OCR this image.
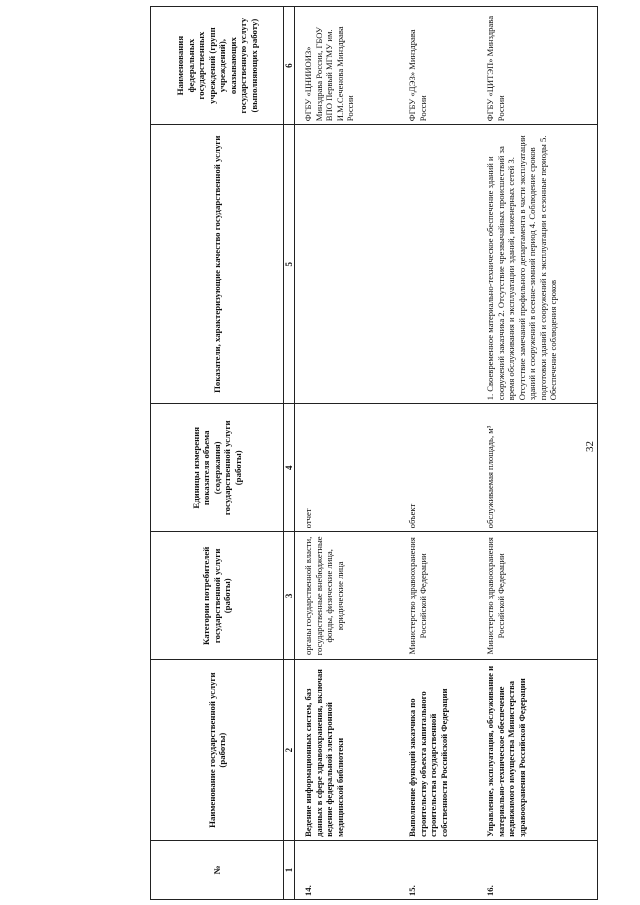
№	Наименование государственной услуги (работы)	Категории потребителей государственной услуги (работы)	Единицы измерения показателя объема (содержания) государственной услуги (работы)	Показатели, характеризующие качество государственной услуги	Наименования федеральных государственных учреждений (групп учреждений), оказывающих государственную услугу (выполняющих работу)
1	2	3	4	5	6
14.	Ведение информационных систем, баз данных в сфере здравоохранения, включая ведение федеральной электронной медицинской библиотеки	органы государственной власти, государственные внебюджетные фонды, физические лица, юридические лица	отчет		ФГБУ «ЦНИИОИЗ» Минздрава России, ГБОУ ВПО Первый МГМУ им. И.М.Сеченова Минздрава России
15.	Выполнение функций заказчика по строительству объекта капитального строительства государственной собственности Российской Федерации	Министерство здравоохранения Российской Федерации	объект		ФГБУ «ДЭЗ» Минздрава России
16.	Управление, эксплуатация, обслуживание и материально-техническое обеспечение недвижимого имущества Министерства здравоохранения Российской Федерации	Министерство здравоохранения Российской Федерации	обслуживаемая площадь, м³	1. Своевременное материально-техническое обеспечение зданий и сооружений заказчика 2. Отсутствие чрезвычайных происшествий за время обслуживания и эксплуатации зданий, инженерных сетей 3. Отсутствие замечаний профильного департамента в части эксплуатации зданий и сооружений в осенне-зимний период 4. Соблюдение сроков подготовки зданий и сооружений к эксплуатации в сезонные периоды 5. Обеспечение соблюдения сроков	ФГБУ «ЦИТЭП» Минздрава России
32
